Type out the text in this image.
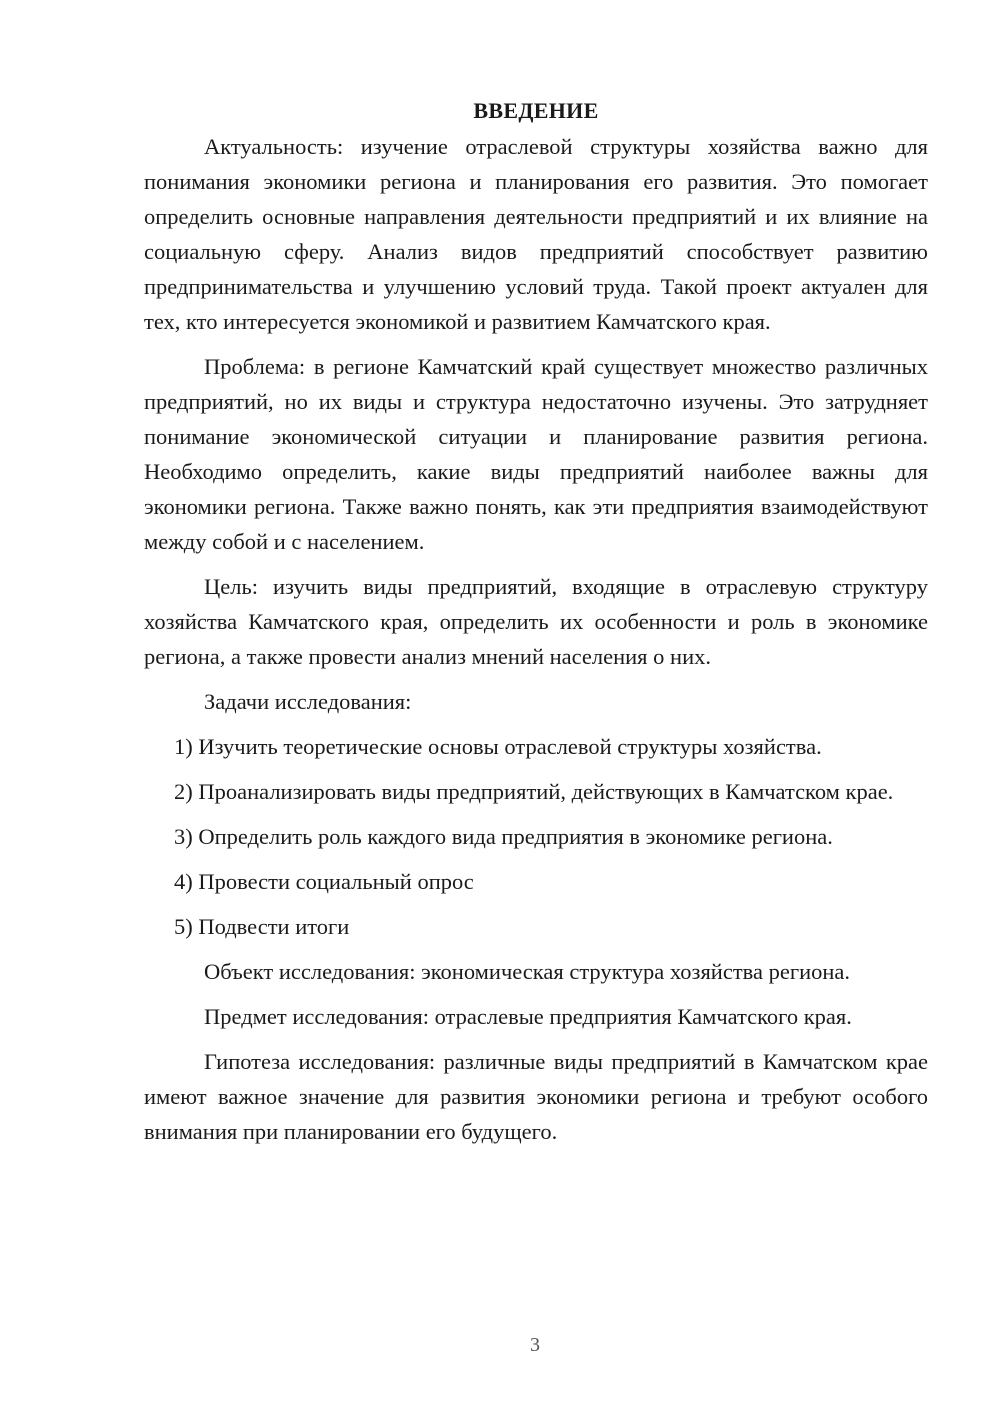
ВВЕДЕНИЕ

Актуальность: изучение отраслевой структуры хозяйства важно для понимания экономики региона и планирования его развития. Это помогает определить основные направления деятельности предприятий и их влияние на социальную сферу. Анализ видов предприятий способствует развитию предпринимательства и улучшению условий труда. Такой проект актуален для тех, кто интересуется экономикой и развитием Камчатского края.

Проблема: в регионе Камчатский край существует множество различных предприятий, но их виды и структура недостаточно изучены. Это затрудняет понимание экономической ситуации и планирование развития региона. Необходимо определить, какие виды предприятий наиболее важны для экономики региона. Также важно понять, как эти предприятия взаимодействуют между собой и с населением.

Цель: изучить виды предприятий, входящие в отраслевую структуру хозяйства Камчатского края, определить их особенности и роль в экономике региона, а также провести анализ мнений населения о них.

Задачи исследования:

1) Изучить теоретические основы отраслевой структуры хозяйства.

2) Проанализировать виды предприятий, действующих в Камчатском крае.

3) Определить роль каждого вида предприятия в экономике региона.

4) Провести социальный опрос

5) Подвести итоги

Объект исследования: экономическая структура хозяйства региона.

Предмет исследования: отраслевые предприятия Камчатского края.

Гипотеза исследования: различные виды предприятий в Камчатском крае имеют важное значение для развития экономики региона и требуют особого внимания при планировании его будущего.

3
